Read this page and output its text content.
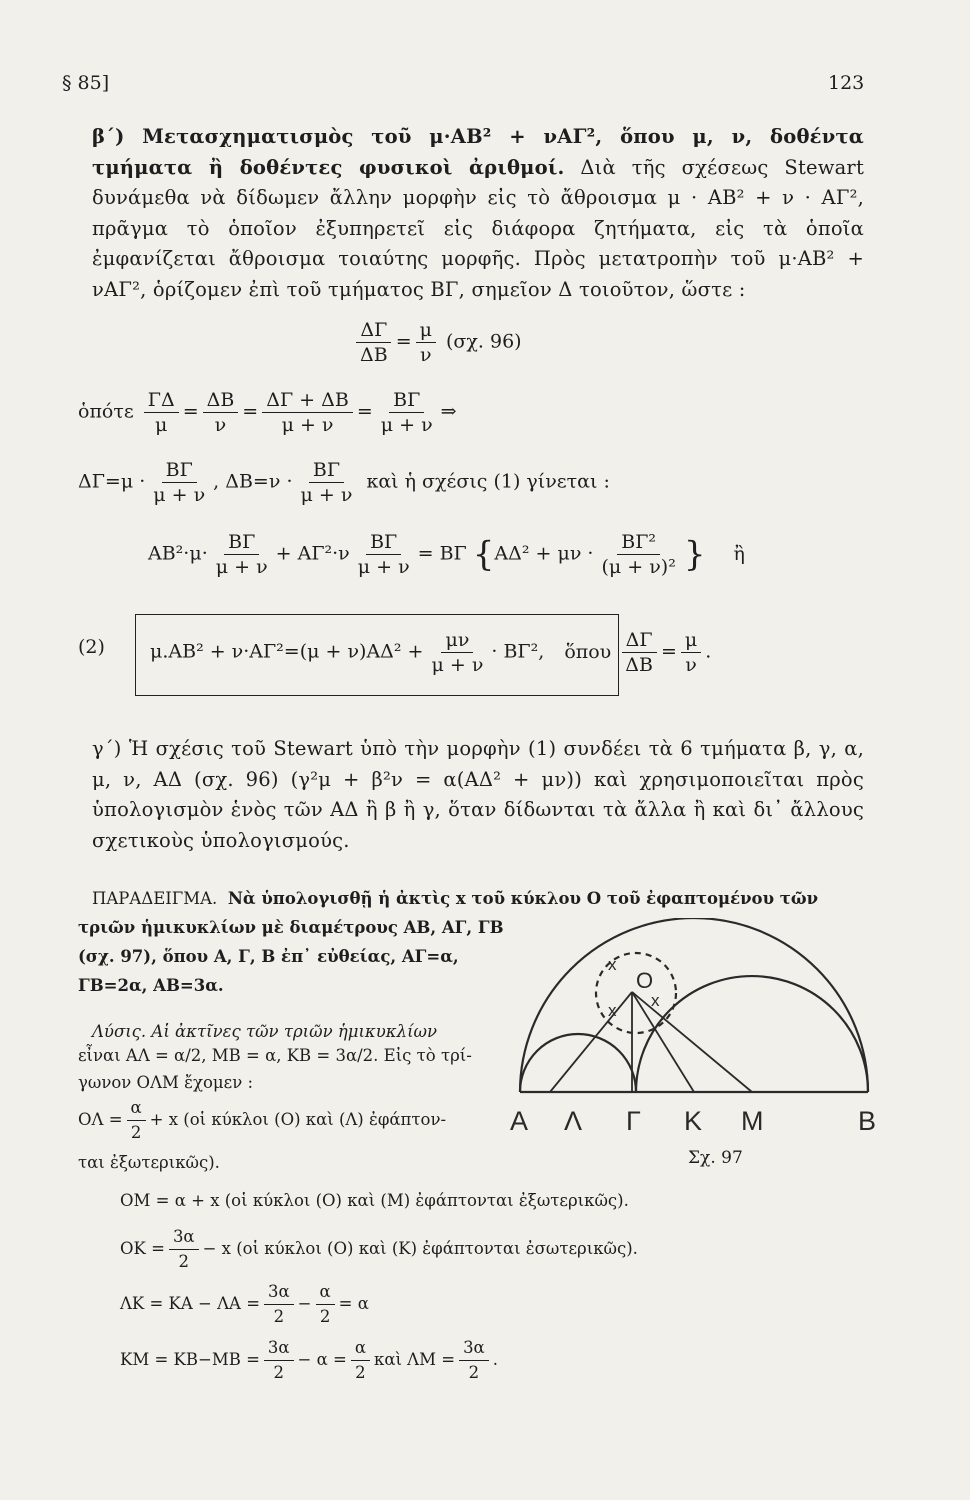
§ 85]	123
β΄) Μετασχηματισμὸς τοῦ μ·ΑΒ² + νΑΓ², ὅπου μ, ν, δοθέντα τμήματα ἢ δοθέντες φυσικοὶ ἀριθμοί. Διὰ τῆς σχέσεως Stewart δυνάμεθα νὰ δίδωμεν ἄλλην μορφὴν εἰς τὸ ἄθροισμα μ · ΑΒ² + ν · ΑΓ², πρᾶγμα τὸ ὁποῖον ἐξυπηρετεῖ εἰς διάφορα ζητήματα, εἰς τὰ ὁποῖα ἐμφανίζεται ἄθροισμα τοιαύτης μορφῆς. Πρὸς μετατροπὴν τοῦ μ·ΑΒ² + νΑΓ², ὁρίζομεν ἐπὶ τοῦ τμήματος ΒΓ, σημεῖον Δ τοιοῦτον, ὥστε :
$\frac{\Delta\Gamma}{\Delta B} = \frac{\mu}{\nu} (\sigma\chi$. 96)
ὁπότε $\frac{\Gamma\Delta}{\mu} = \frac{\Delta B}{\nu} = \frac{\Delta\Gamma + \Delta B}{\mu + \nu} = \frac{B\Gamma}{\mu + \nu}$ ⇒
$\Delta\Gamma=\mu \cdot \frac{B\Gamma}{\mu + \nu}$ , $\Delta B=\nu \cdot \frac{B\Gamma}{\mu + \nu}$ καὶ ἡ σχέσις (1) γίνεται :
$AB^2\cdot\mu\cdot \frac{B\Gamma}{\mu + \nu} + A\Gamma^2\cdot\nu \frac{B\Gamma}{\mu + \nu} = B\Gamma$ {$A\Delta^2 + \mu\nu \cdot \frac{\text{ΒΓ²}}{\text{(μ + ν)²}}$ } ἢ
(2) $\mu.AB^2 + \nu\cdot A\Gamma^2=(\mu + \nu)A\Delta^2 + \frac{\mu\nu}{\mu + \nu} \cdot B\Gamma^2$, ὅπου $\frac{\Delta\Gamma}{\Delta B} = \frac{\mu}{\nu}$ .
γ΄) Ἡ σχέσις τοῦ Stewart ὑπὸ τὴν μορφὴν (1) συνδέει τὰ 6 τμήματα β, γ, α, μ, ν, ΑΔ (σχ. 96) (γ²μ + β²ν = α(ΑΔ² + μν)) καὶ χρησιμοποιεῖται πρὸς ὑπολογισμὸν ἑνὸς τῶν ΑΔ ἢ β ἢ γ, ὅταν δίδωνται τὰ ἄλλα ἢ καὶ δι᾽ ἄλλους σχετικοὺς ὑπολογισμούς.
ΠΑΡΑΔΕΙΓΜΑ. Νὰ ὑπολογισθῇ ἡ ἀκτὶς x τοῦ κύκλου Ο τοῦ ἐφαπτομένου τῶν
τριῶν ἡμικυκλίων μὲ διαμέτρους ΑΒ, ΑΓ, ΓΒ
(σχ. 97), ὅπου Α, Γ, Β ἐπ᾽ εὐθείας, ΑΓ=α,
ΓΒ=2α, ΑΒ=3α.
Λύσις. Αἱ ἀκτῖνες τῶν τριῶν ἡμικυκλίων
εἶναι ΑΛ = α/2, ΜΒ = α, ΚΒ = 3α/2. Εἰς τὸ τρί-
γωνον ΟΛΜ ἔχομεν :
$O\Lambda = \frac{\alpha}{2} + x$ (οἱ κύκλοι (Ο) καὶ (Λ) ἐφάπτον-
ται ἐξωτερικῶς).
ΟΜ = α + x (οἱ κύκλοι (Ο) καὶ (Μ) ἐφάπτονται ἐξωτερικῶς).
$OK = \frac{3\alpha}{2} - x$ (οἱ κύκλοι (Ο) καὶ (Κ) ἐφάπτονται ἐσωτερικῶς).
$\Lambda K = KA - \Lambda A = \frac{3\alpha}{2} - \frac{\alpha}{2} = \alpha$
$KM = KB-MB = \frac{3\alpha}{2} - \alpha = \frac{\alpha}{2}$ καὶ $\Lambda M = \frac{3\alpha}{2}$ .
x
x
x
Ο
Α Λ Γ Κ Μ	Β
Σχ. 97
